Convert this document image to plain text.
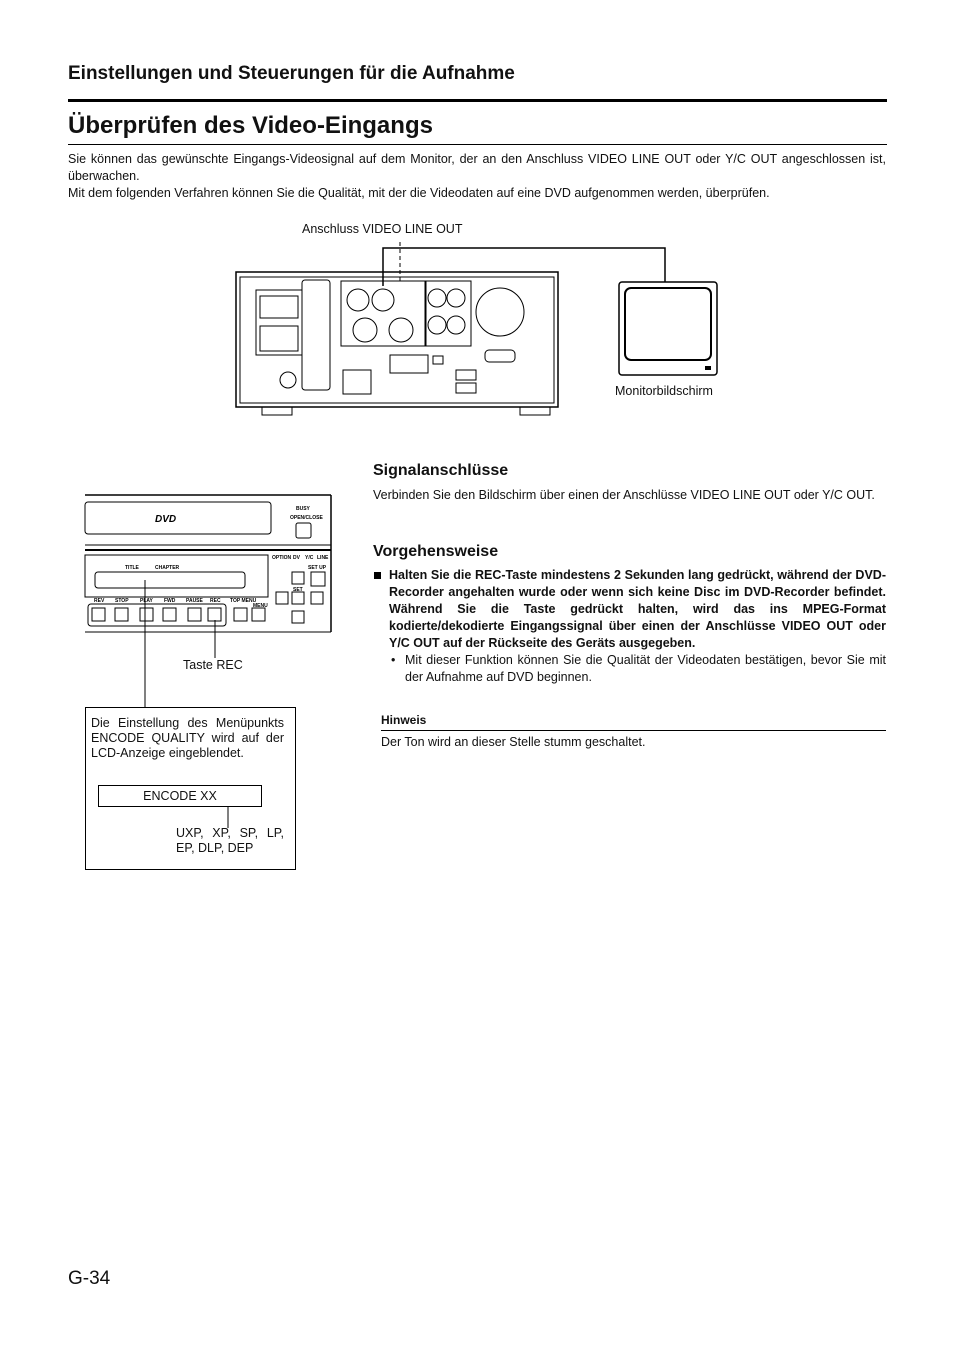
Einstellungen und Steuerungen für die Aufnahme
Überprüfen des Video-Eingangs

Sie können das gewünschte Eingangs-Videosignal auf dem Monitor, der an den Anschluss VIDEO LINE OUT oder Y/C OUT angeschlossen ist, überwachen.

Mit dem folgenden Verfahren können Sie die Qualität, mit der die Videodaten auf eine DVD aufgenommen werden, überprüfen.

Anschluss VIDEO LINE OUT
Monitorbildschirm
DVD
BUSY
OPEN/CLOSE
SET
TITLE	CHAPTER	SET UP
OPTION DV Y/C LINE
REV STOP PLAY FWD PAUSE REC TOP MENU
MENU
Taste REC
Die Einstellung des Menüpunkts ENCODE QUALITY wird auf der LCD-Anzeige eingeblendet.
ENCODE XX
UXP, XP, SP, LP, EP, DLP, DEP
Signalanschlüsse

Verbinden Sie den Bildschirm über einen der Anschlüsse VIDEO LINE OUT oder Y/C OUT.

Vorgehensweise

Halten Sie die REC-Taste mindestens 2 Sekunden lang gedrückt, während der DVD-Recorder angehalten wurde oder wenn sich keine Disc im DVD-Recorder befindet. Während Sie die Taste gedrückt halten, wird das ins MPEG-Format kodierte/dekodierte Eingangssignal über einen der Anschlüsse VIDEO OUT oder Y/C OUT auf der Rückseite des Geräts ausgegeben.

• Mit dieser Funktion können Sie die Qualität der Videodaten bestätigen, bevor Sie mit der Aufnahme auf DVD beginnen.

Hinweis
Der Ton wird an dieser Stelle stumm geschaltet.
G-34
